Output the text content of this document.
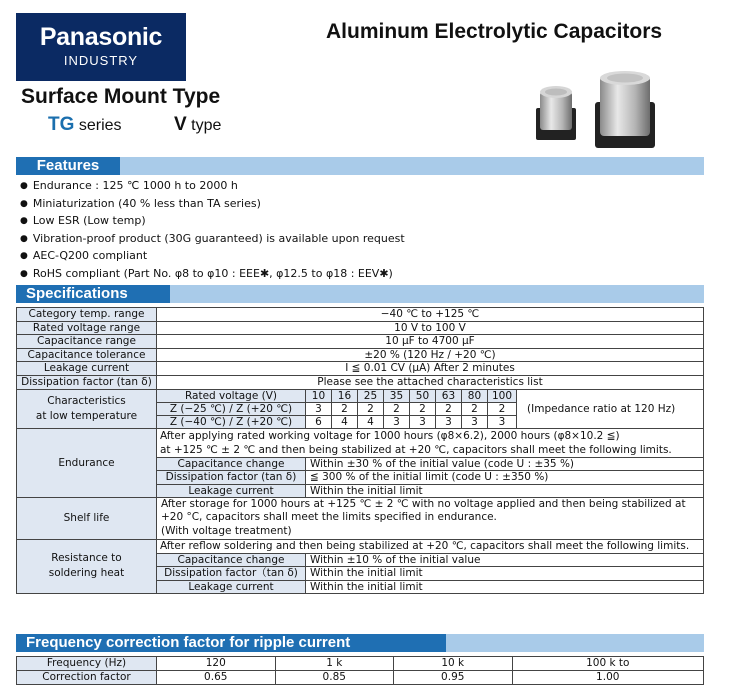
Panasonic
INDUSTRY
Aluminum Electrolytic Capacitors
Surface Mount Type
TG series	V type
Features
● Endurance : 125 ℃ 1000 h to 2000 h
● Miniaturization (40 % less than TA series)
● Low ESR (Low temp)
● Vibration-proof product (30G guaranteed) is available upon request
● AEC-Q200 compliant
● RoHS compliant (Part No. φ8 to φ10 : EEE✱, φ12.5 to φ18 : EEV✱)
Specifications
Category temp. range	−40 ℃ to +125 ℃
Rated voltage range	10 V to 100 V
Capacitance range	10 μF to 4700 μF
Capacitance tolerance	±20 % (120 Hz / +20 ℃)
Leakage current	I ≦ 0.01 CV (μA) After 2 minutes
Dissipation factor (tan δ)	Please see the attached characteristics list

Characteristics
at low temperature

Rated voltage (V)	10	16	25	35	50	63	80	100	(Impedance ratio at 120 Hz)
Z (−25 ℃) / Z (+20 ℃)	3	2	2	2	2	2	2	2
Z (−40 ℃) / Z (+20 ℃)	6	4	4	3	3	3	3	3

Endurance	
After applying rated working voltage for 1000 hours (φ8×6.2), 2000 hours (φ8×10.2 ≦)
at +125 ℃ ± 2 ℃ and then being stabilized at +20 ℃, capacitors shall meet the following limits.
Capacitance change	Within ±30 % of the initial value (code U : ±35 %)
Dissipation factor (tan δ)	≦ 300 % of the initial limit (code U : ±350 %)
Leakage current	Within the initial limit

Shelf life	
After storage for 1000 hours at +125 ℃ ± 2 ℃ with no voltage applied and then being stabilized at +20 °C, capacitors shall meet the limits specified in endurance.
(With voltage treatment)

Resistance to
soldering heat

After reflow soldering and then being stabilized at +20 ℃, capacitors shall meet the following limits.
Capacitance change	Within ±10 % of the initial value
Dissipation factor（tan δ)	Within the initial limit
Leakage current	Within the initial limit
Frequency correction factor for ripple current
Frequency (Hz)	120	1 k	10 k	100 k to
Correction factor	0.65	0.85	0.95	1.00
